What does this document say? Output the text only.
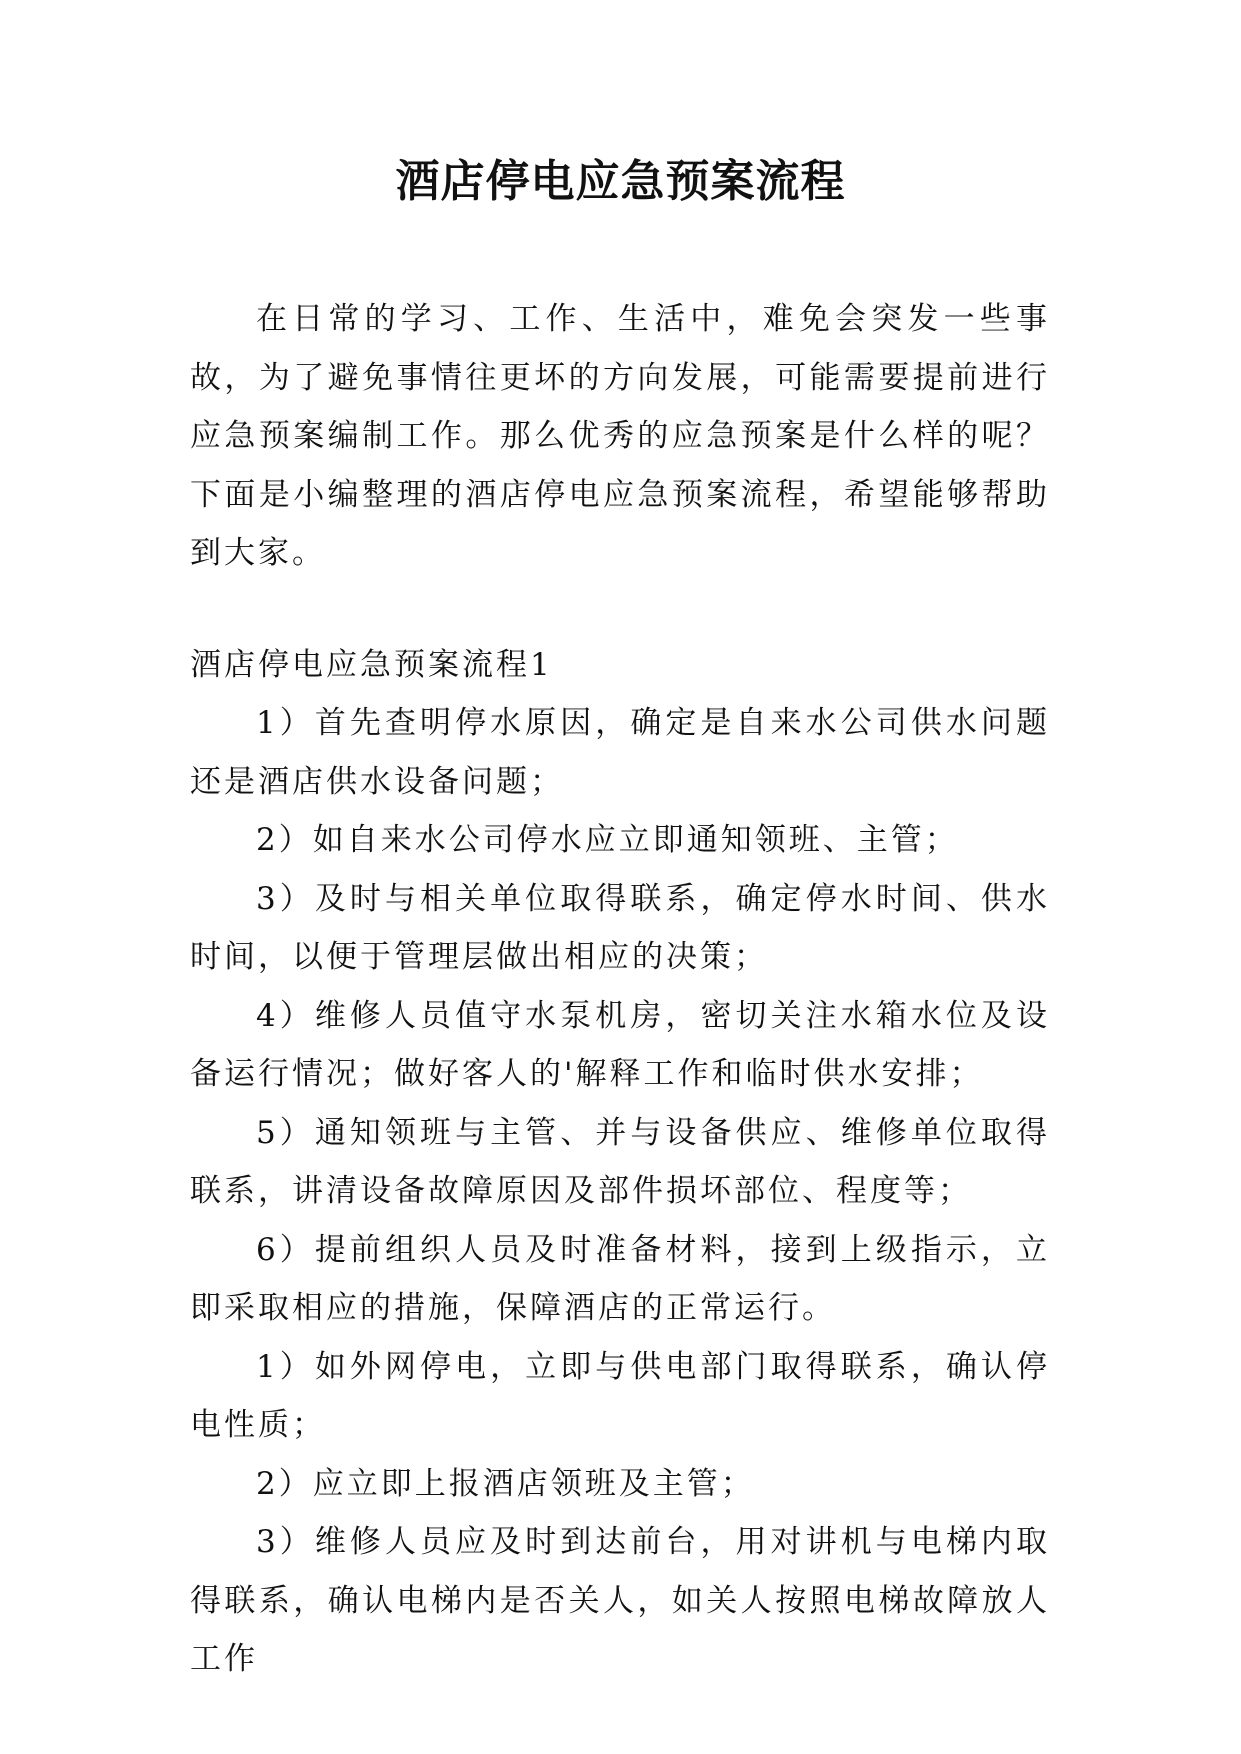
酒店停电应急预案流程

在日常的学习、工作、生活中，难免会突发一些事故，为了避免事情往更坏的方向发展，可能需要提前进行应急预案编制工作。那么优秀的应急预案是什么样的呢？下面是小编整理的酒店停电应急预案流程，希望能够帮助到大家。

酒店停电应急预案流程1

1）首先查明停水原因，确定是自来水公司供水问题还是酒店供水设备问题；

2）如自来水公司停水应立即通知领班、主管；

3）及时与相关单位取得联系，确定停水时间、供水时间，以便于管理层做出相应的决策；

4）维修人员值守水泵机房，密切关注水箱水位及设备运行情况；做好客人的'解释工作和临时供水安排；

5）通知领班与主管、并与设备供应、维修单位取得联系，讲清设备故障原因及部件损坏部位、程度等；

6）提前组织人员及时准备材料，接到上级指示，立即采取相应的措施，保障酒店的正常运行。

1）如外网停电，立即与供电部门取得联系，确认停电性质；

2）应立即上报酒店领班及主管；

3）维修人员应及时到达前台，用对讲机与电梯内取得联系，确认电梯内是否关人，如关人按照电梯故障放人工作
